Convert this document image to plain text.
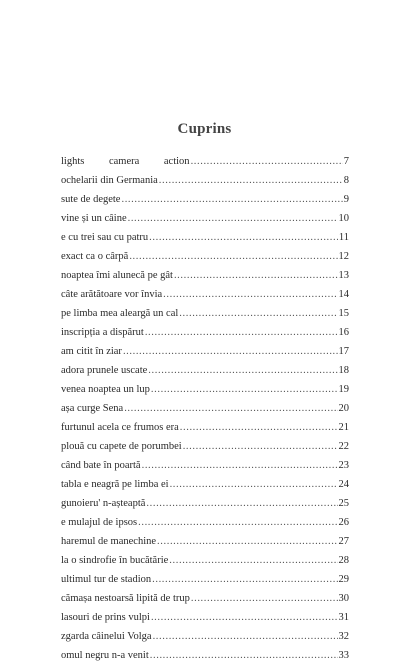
Cuprins
lights camera action .....	7
ochelarii din Germania .....	8
sute de degete .....	9
vine și un câine .....	10
e cu trei sau cu patru .....	11
exact ca o cârpă .....	12
noaptea îmi alunecă pe gât .....	13
câte arătătoare vor învia .....	14
pe limba mea aleargă un cal .....	15
inscripția a dispărut .....	16
am citit în ziar .....	17
adora prunele uscate .....	18
venea noaptea un lup .....	19
așa curge Sena .....	20
furtunul acela ce frumos era .....	21
plouă cu capete de porumbei .....	22
când bate în poartă .....	23
tabla e neagră pe limba ei .....	24
gunoieru' n-așteaptă .....	25
e mulajul de ipsos .....	26
haremul de manechine .....	27
la o sindrofie în bucătărie .....	28
ultimul tur de stadion .....	29
cămașa nestoarsă lipită de trup .....	30
lasouri de prins vulpi .....	31
zgarda câinelui Volga .....	32
omul negru n-a venit .....	33
